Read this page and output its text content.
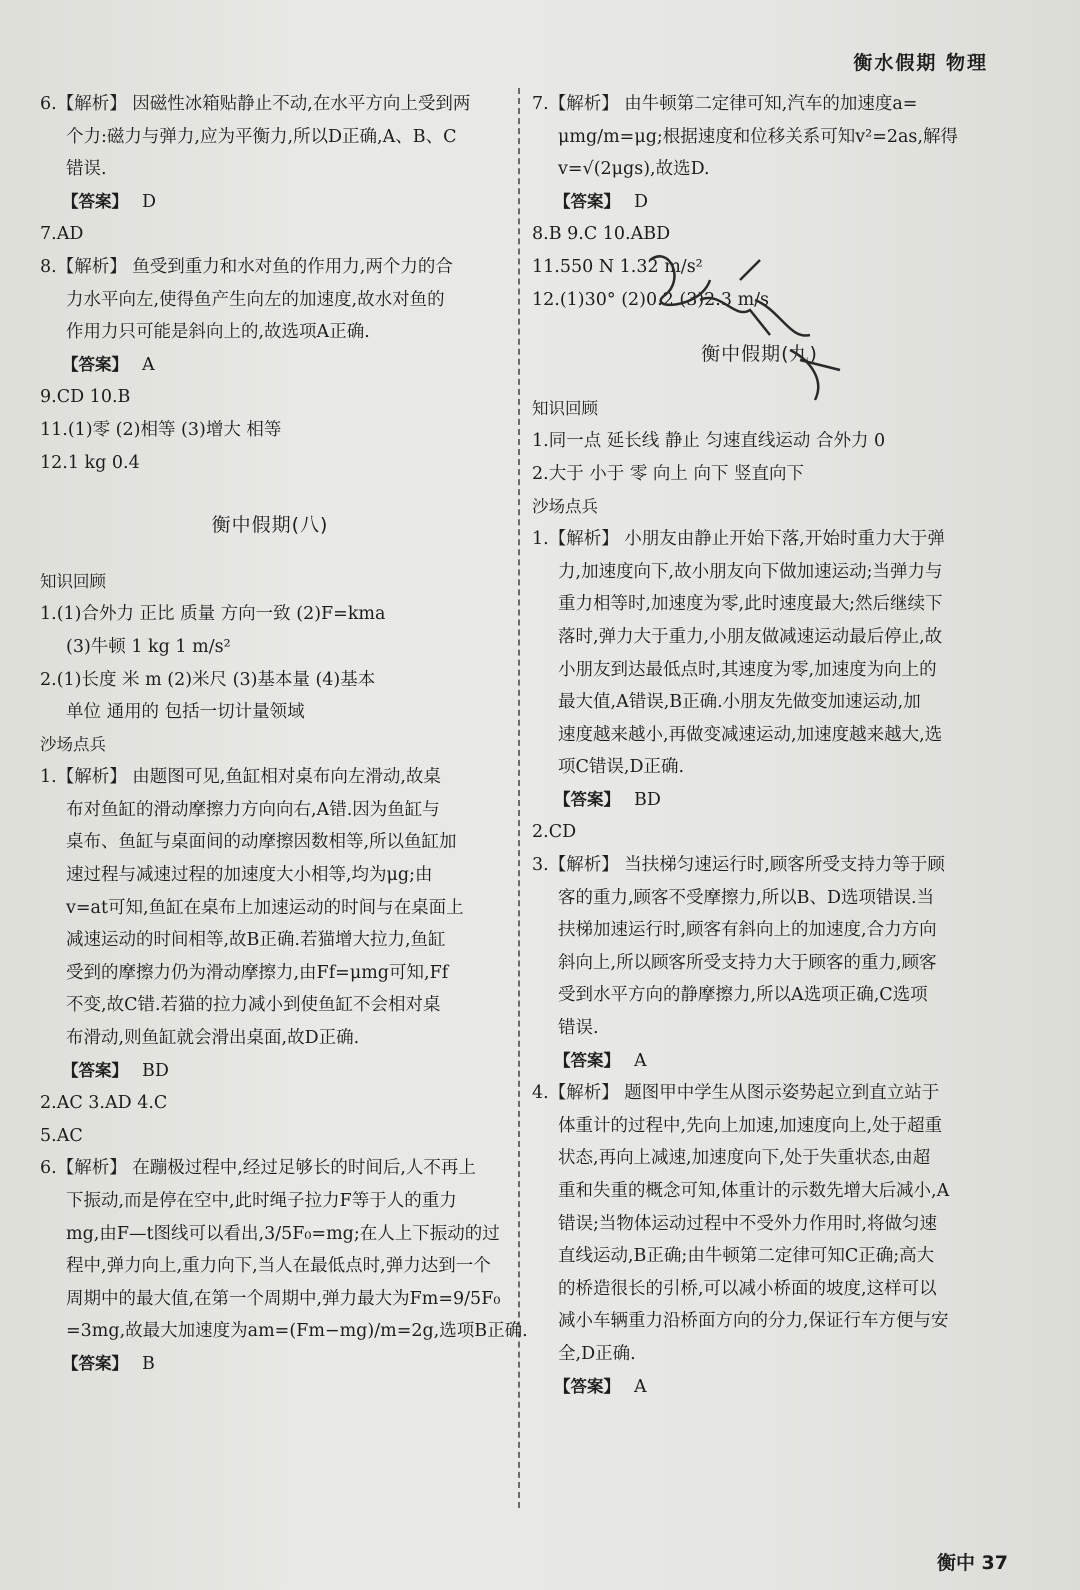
衡水假期 物理
6.【解析】 因磁性冰箱贴静止不动,在水平方向上受到两
个力:磁力与弹力,应为平衡力,所以D正确,A、B、C
错误.
【 答案 】 D
7.AD
8.【解析】 鱼受到重力和水对鱼的作用力,两个力的合
力水平向左,使得鱼产生向左的加速度,故水对鱼的
作用力只可能是斜向上的,故选项A正确.
【 答案 】 A
9.CD 10.B
11.(1)零 (2)相等 (3)增大 相等
12.1 kg 0.4
衡中假期(八)
知识回顾
1.(1)合外力 正比 质量 方向一致 (2)F=kma
(3)牛顿 1 kg 1 m/s²
2.(1)长度 米 m (2)米尺 (3)基本量 (4)基本
单位 通用的 包括一切计量领域
沙场点兵
1.【解析】 由题图可见,鱼缸相对桌布向左滑动,故桌
布对鱼缸的滑动摩擦力方向向右,A错.因为鱼缸与
桌布、鱼缸与桌面间的动摩擦因数相等,所以鱼缸加
速过程与减速过程的加速度大小相等,均为μg;由
v=at可知,鱼缸在桌布上加速运动的时间与在桌面上
减速运动的时间相等,故B正确.若猫增大拉力,鱼缸
受到的摩擦力仍为滑动摩擦力,由Ff=μmg可知,Ff
不变,故C错.若猫的拉力减小到使鱼缸不会相对桌
布滑动,则鱼缸就会滑出桌面,故D正确.
【 答案 】 BD
2.AC 3.AD 4.C
5.AC
6.【解析】 在蹦极过程中,经过足够长的时间后,人不再上
下振动,而是停在空中,此时绳子拉力F等于人的重力
mg,由F—t图线可以看出,3/5F₀=mg;在人上下振动的过
程中,弹力向上,重力向下,当人在最低点时,弹力达到一个
周期中的最大值,在第一个周期中,弹力最大为Fm=9/5F₀
=3mg,故最大加速度为am=(Fm−mg)/m=2g,选项B正确.
【 答案 】 B
7.【解析】 由牛顿第二定律可知,汽车的加速度a=
μmg/m=μg;根据速度和位移关系可知v²=2as,解得
v=√(2μgs),故选D.
【 答案 】 D
8.B 9.C 10.ABD
11.550 N 1.32 m/s²
12.(1)30° (2)0.2 (3)2.3 m/s
衡中假期(九)
知识回顾
1.同一点 延长线 静止 匀速直线运动 合外力 0
2.大于 小于 零 向上 向下 竖直向下
沙场点兵
1.【解析】 小朋友由静止开始下落,开始时重力大于弹
力,加速度向下,故小朋友向下做加速运动;当弹力与
重力相等时,加速度为零,此时速度最大;然后继续下
落时,弹力大于重力,小朋友做减速运动最后停止,故
小朋友到达最低点时,其速度为零,加速度为向上的
最大值,A错误,B正确.小朋友先做变加速运动,加
速度越来越小,再做变减速运动,加速度越来越大,选
项C错误,D正确.
【 答案 】 BD
2.CD
3.【解析】 当扶梯匀速运行时,顾客所受支持力等于顾
客的重力,顾客不受摩擦力,所以B、D选项错误.当
扶梯加速运行时,顾客有斜向上的加速度,合力方向
斜向上,所以顾客所受支持力大于顾客的重力,顾客
受到水平方向的静摩擦力,所以A选项正确,C选项
错误.
【 答案 】 A
4.【解析】 题图甲中学生从图示姿势起立到直立站于
体重计的过程中,先向上加速,加速度向上,处于超重
状态,再向上减速,加速度向下,处于失重状态,由超
重和失重的概念可知,体重计的示数先增大后减小,A
错误;当物体运动过程中不受外力作用时,将做匀速
直线运动,B正确;由牛顿第二定律可知C正确;高大
的桥造很长的引桥,可以减小桥面的坡度,这样可以
减小车辆重力沿桥面方向的分力,保证行车方便与安
全,D正确.
【 答案 】 A
衡中 37
